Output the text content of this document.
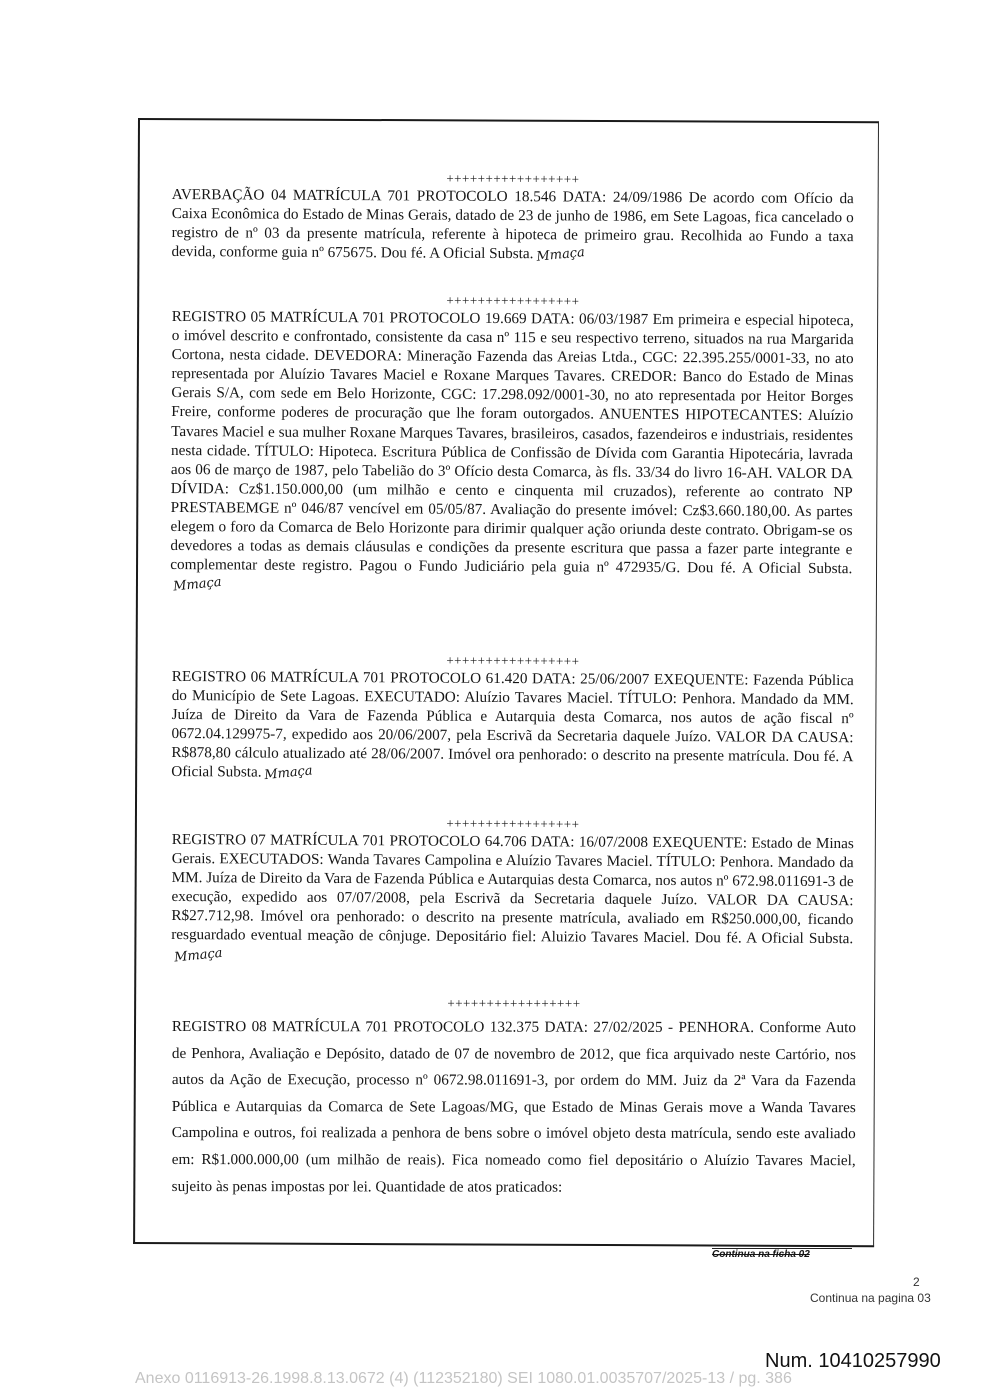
+++++++++++++++++

AVERBAÇÃO 04 MATRÍCULA 701 PROTOCOLO 18.546 DATA: 24/09/1986 De acordo com Ofício da Caixa Econômica do Estado de Minas Gerais, datado de 23 de junho de 1986, em Sete Lagoas, fica cancelado o registro de nº 03 da presente matrícula, referente à hipoteca de primeiro grau. Recolhida ao Fundo a taxa devida, conforme guia nº 675675. Dou fé. A Oficial Substa. Mmaça

+++++++++++++++++

REGISTRO 05 MATRÍCULA 701 PROTOCOLO 19.669 DATA: 06/03/1987 Em primeira e especial hipoteca, o imóvel descrito e confrontado, consistente da casa nº 115 e seu respectivo terreno, situados na rua Margarida Cortona, nesta cidade. DEVEDORA: Mineração Fazenda das Areias Ltda., CGC: 22.395.255/0001-33, no ato representada por Aluízio Tavares Maciel e Roxane Marques Tavares. CREDOR: Banco do Estado de Minas Gerais S/A, com sede em Belo Horizonte, CGC: 17.298.092/0001-30, no ato representada por Heitor Borges Freire, conforme poderes de procuração que lhe foram outorgados. ANUENTES HIPOTECANTES: Aluízio Tavares Maciel e sua mulher Roxane Marques Tavares, brasileiros, casados, fazendeiros e industriais, residentes nesta cidade. TÍTULO: Hipoteca. Escritura Pública de Confissão de Dívida com Garantia Hipotecária, lavrada aos 06 de março de 1987, pelo Tabelião do 3º Ofício desta Comarca, às fls. 33/34 do livro 16-AH. VALOR DA DÍVIDA: Cz$1.150.000,00 (um milhão e cento e cinquenta mil cruzados), referente ao contrato NP PRESTABEMGE nº 046/87 vencível em 05/05/87. Avaliação do presente imóvel: Cz$3.660.180,00. As partes elegem o foro da Comarca de Belo Horizonte para dirimir qualquer ação oriunda deste contrato. Obrigam-se os devedores a todas as demais cláusulas e condições da presente escritura que passa a fazer parte integrante e complementar deste registro. Pagou o Fundo Judiciário pela guia nº 472935/G. Dou fé. A Oficial Substa.Mmaça

+++++++++++++++++

REGISTRO 06 MATRÍCULA 701 PROTOCOLO 61.420 DATA: 25/06/2007 EXEQUENTE: Fazenda Pública do Município de Sete Lagoas. EXECUTADO: Aluízio Tavares Maciel. TÍTULO: Penhora. Mandado da MM. Juíza de Direito da Vara de Fazenda Pública e Autarquia desta Comarca, nos autos de ação fiscal nº 0672.04.129975-7, expedido aos 20/06/2007, pela Escrivã da Secretaria daquele Juízo. VALOR DA CAUSA: R$878,80 cálculo atualizado até 28/06/2007. Imóvel ora penhorado: o descrito na presente matrícula. Dou fé. A Oficial Substa. Mmaça

+++++++++++++++++

REGISTRO 07 MATRÍCULA 701 PROTOCOLO 64.706 DATA: 16/07/2008 EXEQUENTE: Estado de Minas Gerais. EXECUTADOS: Wanda Tavares Campolina e Aluízio Tavares Maciel. TÍTULO: Penhora. Mandado da MM. Juíza de Direito da Vara de Fazenda Pública e Autarquias desta Comarca, nos autos nº 672.98.011691-3 de execução, expedido aos 07/07/2008, pela Escrivã da Secretaria daquele Juízo. VALOR DA CAUSA: R$27.712,98. Imóvel ora penhorado: o descrito na presente matrícula, avaliado em R$250.000,00, ficando resguardado eventual meação de cônjuge. Depositário fiel: Aluizio Tavares Maciel. Dou fé. A Oficial Substa.Mmaça

+++++++++++++++++

REGISTRO 08 MATRÍCULA 701 PROTOCOLO 132.375 DATA: 27/02/2025 - PENHORA. Conforme Auto de Penhora, Avaliação e Depósito, datado de 07 de novembro de 2012, que fica arquivado neste Cartório, nos autos da Ação de Execução, processo nº 0672.98.011691-3, por ordem do MM. Juiz da 2ª Vara da Fazenda Pública e Autarquias da Comarca de Sete Lagoas/MG, que Estado de Minas Gerais move a Wanda Tavares Campolina e outros, foi realizada a penhora de bens sobre o imóvel objeto desta matrícula, sendo este avaliado em: R$1.000.000,00 (um milhão de reais). Fica nomeado como fiel depositário o Aluízio Tavares Maciel, sujeito às penas impostas por lei. Quantidade de atos praticados:

Continua na ficha 02
2
Continua na pagina 03
Num. 10410257990
Anexo 0116913-26.1998.8.13.0672 (4) (112352180) SEI 1080.01.0035707/2025-13 / pg. 386
